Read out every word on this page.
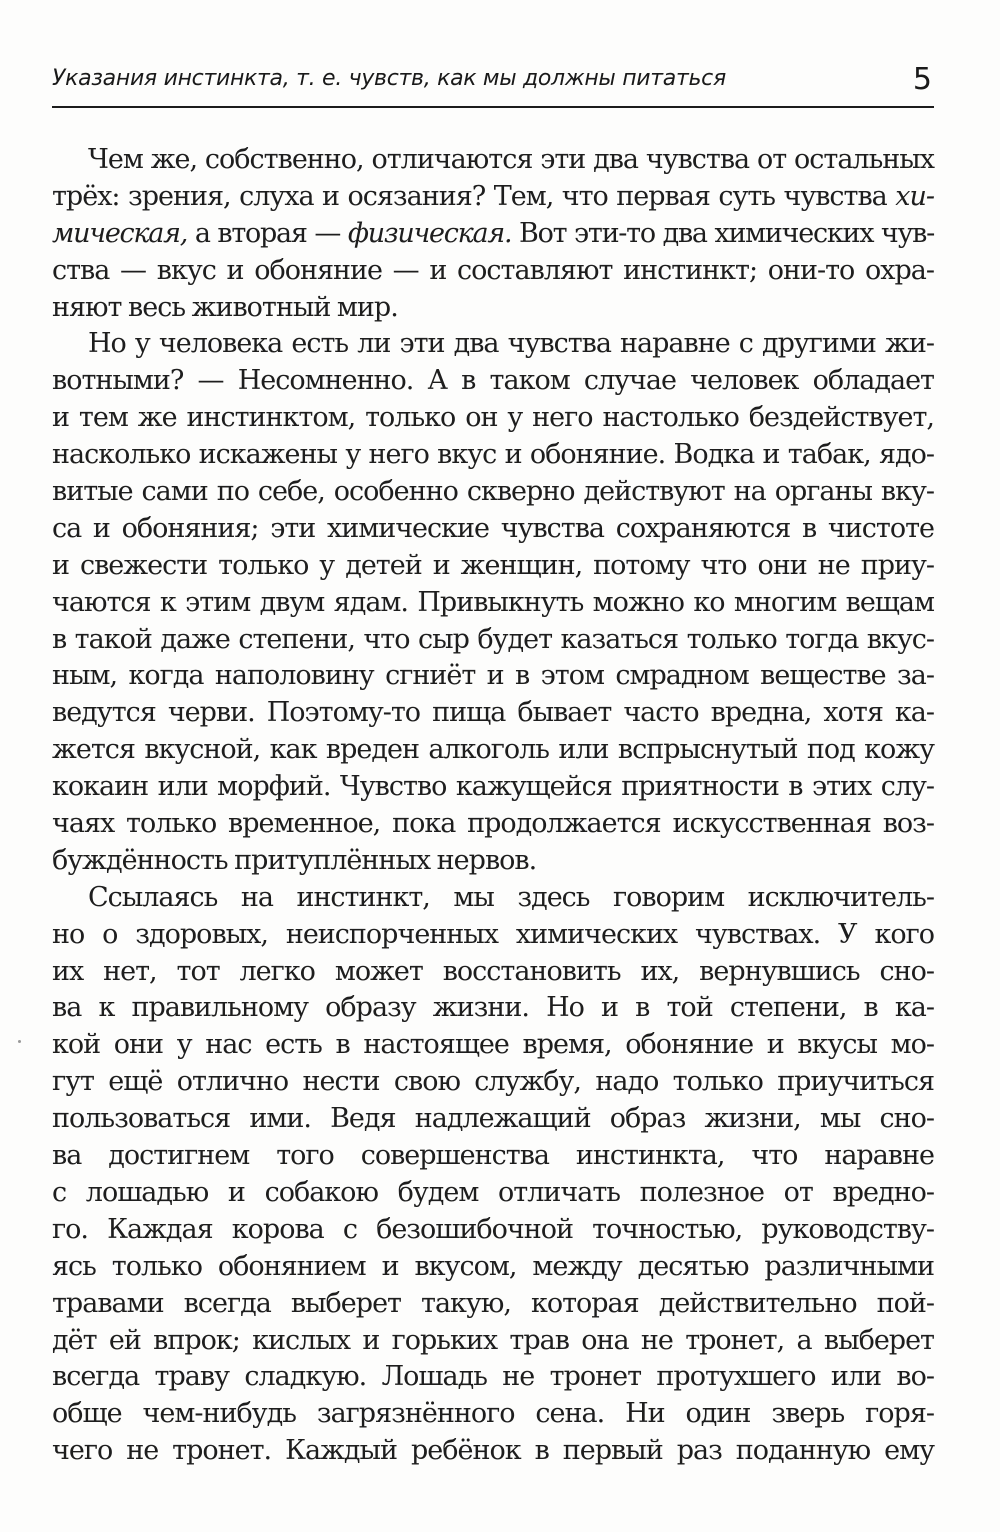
Указания инстинкта, т. е. чувств, как мы должны питаться	5
Чем же, собственно, отличаются эти два чувства от остальных
трёх: зрения, слуха и осязания? Тем, что первая суть чувства хи-
мическая, а вторая — физическая. Вот эти-то два химических чув-
ства — вкус и обоняние — и составляют инстинкт; они-то охра-
няют весь животный мир.
Но у человека есть ли эти два чувства наравне с другими жи-
вотными? — Несомненно. А в таком случае человек обладает
и тем же инстинктом, только он у него настолько бездействует,
насколько искажены у него вкус и обоняние. Водка и табак, ядо-
витые сами по себе, особенно скверно действуют на органы вку-
са и обоняния; эти химические чувства сохраняются в чистоте
и свежести только у детей и женщин, потому что они не приу-
чаются к этим двум ядам. Привыкнуть можно ко многим вещам
в такой даже степени, что сыр будет казаться только тогда вкус-
ным, когда наполовину сгниёт и в этом смрадном веществе за-
ведутся черви. Поэтому-то пища бывает часто вредна, хотя ка-
жется вкусной, как вреден алкоголь или вспрыснутый под кожу
кокаин или морфий. Чувство кажущейся приятности в этих слу-
чаях только временное, пока продолжается искусственная воз-
буждённость притуплённых нервов.
Ссылаясь на инстинкт, мы здесь говорим исключитель-
но о здоровых, неиспорченных химических чувствах. У кого
их нет, тот легко может восстановить их, вернувшись сно-
ва к правильному образу жизни. Но и в той степени, в ка-
кой они у нас есть в настоящее время, обоняние и вкусы мо-
гут ещё отлично нести свою службу, надо только приучиться
пользоваться ими. Ведя надлежащий образ жизни, мы сно-
ва достигнем того совершенства инстинкта, что наравне
с лошадью и собакою будем отличать полезное от вредно-
го. Каждая корова с безошибочной точностью, руководству-
ясь только обонянием и вкусом, между десятью различными
травами всегда выберет такую, которая действительно пой-
дёт ей впрок; кислых и горьких трав она не тронет, а выберет
всегда траву сладкую. Лошадь не тронет протухшего или во-
обще чем-нибудь загрязнённого сена. Ни один зверь горя-
чего не тронет. Каждый ребёнок в первый раз поданную ему
